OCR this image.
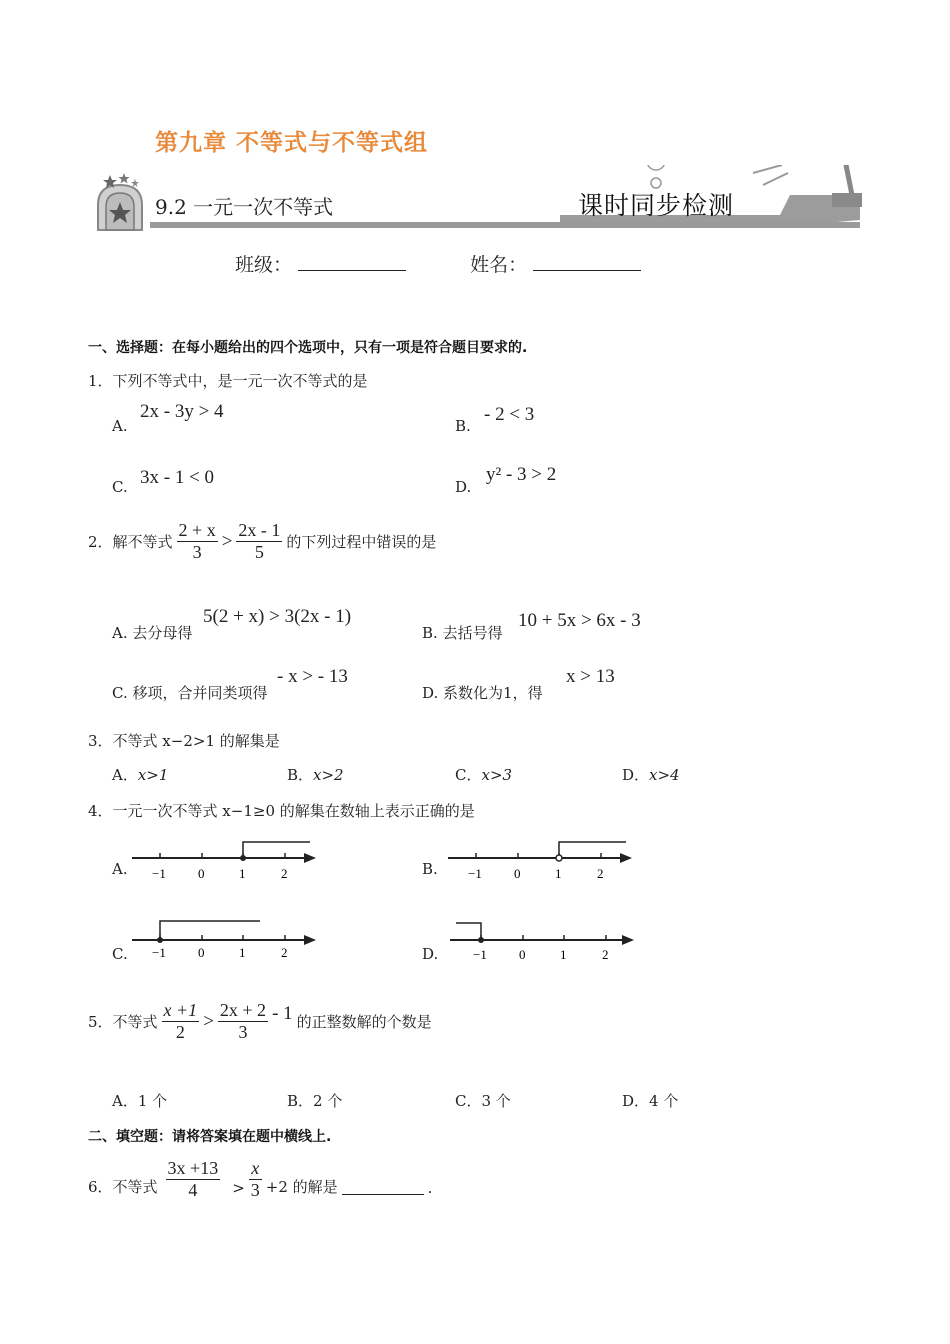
第九章 不等式与不等式组
9.2 一元一次不等式	课时同步检测
班级：	姓名：
一、选择题：在每小题给出的四个选项中，只有一项是符合题目要求的.
1．下列不等式中，是一元一次不等式的是
A.
2x - 3y > 4
B.
- 2 < 3
C. 3x - 1 < 0	D.
y² - 3 > 2
2．解不等式 $\frac{2 + x}{3} > \frac{2x - 1}{5}$ 的下列过程中错误的是
A. 去分母得
5(2 + x) > 3(2x - 1)
B. 去括号得
10 + 5x > 6x - 3
C. 移项，合并同类项得
- x > - 13
D. 系数化为1，得
x > 13
3．不等式 x−2>1 的解集是
A．x>1	B．x>2	C．x>3	D．x>4
4．一元一次不等式 x−1≥0 的解集在数轴上表示正确的是
A. −1 0	1	2	B. −1 0	1	2
C. −1 0	1	2	D.	−1 0	1	2
5．不等式 $\frac{x +1}{2} > \frac{2x + 2}{3} - 1$ 的正整数解的个数是
A．1 个	B．2 个	C．3 个	D．4 个
二、填空题：请将答案填在题中横线上.
6．不等式 $\frac{3x +13}{4} > \frac{x}{3} +2$ 的解是	.
